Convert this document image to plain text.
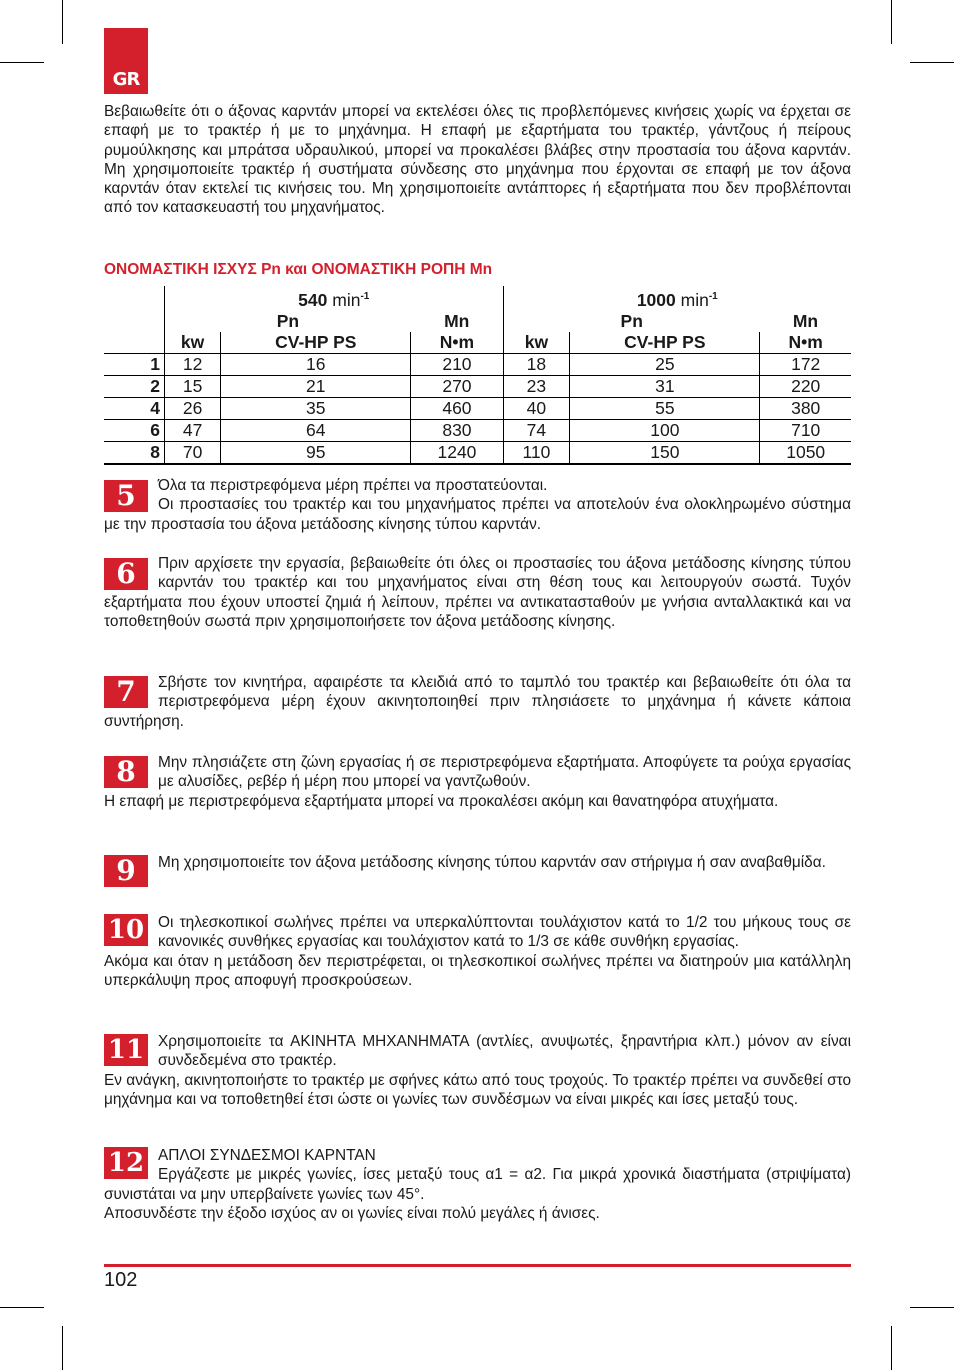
GR

Βεβαιωθείτε ότι ο άξονας καρντάν μπορεί να εκτελέσει όλες τις προβλεπόμενες κινήσεις χωρίς να έρχεται σε επαφή με το τρακτέρ ή με το μηχάνημα. Η επαφή με εξαρτήματα του τρακτέρ, γάντζους ή πείρους ρυμούλκησης και μπράτσα υδραυλικού, μπορεί να προκαλέσει βλάβες στην προστασία του άξονα καρντάν. Μη χρησιμοποιείτε τρακτέρ ή συστήματα σύνδεσης στο μηχάνημα που έρχονται σε επαφή με τον άξονα καρντάν όταν εκτελεί τις κινήσεις του. Μη χρησιμοποιείτε αντάπτορες ή εξαρτήματα που δεν προβλέπονται από τον κατασκευαστή του μηχανήματος.

ΟΝΟΜΑΣΤΙΚΗ ΙΣΧΥΣ Pn και ΟΝΟΜΑΣΤΙΚΗ ΡΟΠΗ Mn

	540 $\min^{-1}$			1000 $\min^{-1}$
	Pn		Mn	Pn		Mn
	kw	CV-HP PS	N•m	kw	CV-HP PS	N•m
1	12	16	210	18	25	172
2	15	21	270	23	31	220
4	26	35	460	40	55	380
6	47	64	830	74	100	710
8	70	95	1240	110	150	1050
5	Όλα τα περιστρεφόμενα μέρη πρέπει να προστατεύονται.
Οι προστασίες του τρακτέρ και του μηχανήματος πρέπει να αποτελούν ένα ολοκληρωμένο σύστημα με την προστασία του άξονα μετάδοσης κίνησης τύπου καρντάν.
6	Πριν αρχίσετε την εργασία, βεβαιωθείτε ότι όλες οι προστασίες του άξονα μετάδοσης κίνησης τύπου καρντάν του τρακτέρ και του μηχανήματος είναι στη θέση τους και λειτουργούν σωστά. Τυχόν εξαρτήματα που έχουν υποστεί ζημιά ή λείπουν, πρέπει να αντικατασταθούν με γνήσια ανταλλακτικά και να τοποθετηθούν σωστά πριν χρησιμοποιήσετε τον άξονα μετάδοσης κίνησης.
7	Σβήστε τον κινητήρα, αφαιρέστε τα κλειδιά από το ταμπλό του τρακτέρ και βεβαιωθείτε ότι όλα τα περιστρεφόμενα μέρη έχουν ακινητοποιηθεί πριν πλησιάσετε το μηχάνημα ή κάνετε κάποια συντήρηση.
8	Μην πλησιάζετε στη ζώνη εργασίας ή σε περιστρεφόμενα εξαρτήματα. Αποφύγετε τα ρούχα εργασίας με αλυσίδες, ρεβέρ ή μέρη που μπορεί να γαντζωθούν.
Η επαφή με περιστρεφόμενα εξαρτήματα μπορεί να προκαλέσει ακόμη και θανατηφόρα ατυχήματα.
9	Μη χρησιμοποιείτε τον άξονα μετάδοσης κίνησης τύπου καρντάν σαν στήριγμα ή σαν αναβαθμίδα.
10 Οι τηλεσκοπικοί σωλήνες πρέπει να υπερκαλύπτονται τουλάχιστον κατά το 1/2 του μήκους τους σε κανονικές συνθήκες εργασίας και τουλάχιστον κατά το 1/3 σε κάθε συνθήκη εργασίας.
Ακόμα και όταν η μετάδοση δεν περιστρέφεται, οι τηλεσκοπικοί σωλήνες πρέπει να διατηρούν μια κατάλληλη υπερκάλυψη προς αποφυγή προσκρούσεων.
11 Χρησιμοποιείτε τα ΑΚΙΝΗΤΑ ΜΗΧΑΝΗΜΑΤΑ (αντλίες, ανυψωτές, ξηραντήρια κλπ.) μόνον αν είναι συνδεδεμένα στο τρακτέρ.
Εν ανάγκη, ακινητοποιήστε το τρακτέρ με σφήνες κάτω από τους τροχούς. Το τρακτέρ πρέπει να συνδεθεί στο μηχάνημα και να τοποθετηθεί έτσι ώστε οι γωνίες των συνδέσμων να είναι μικρές και ίσες μεταξύ τους.
12 ΑΠΛΟΙ ΣΥΝΔΕΣΜΟΙ ΚΑΡΝΤΑΝ
Εργάζεστε με μικρές γωνίες, ίσες μεταξύ τους α1 = α2. Για μικρά χρονικά διαστήματα (στριψίματα) συνιστάται να μην υπερβαίνετε γωνίες των 45°.
Αποσυνδέστε την έξοδο ισχύος αν οι γωνίες είναι πολύ μεγάλες ή άνισες.
102
